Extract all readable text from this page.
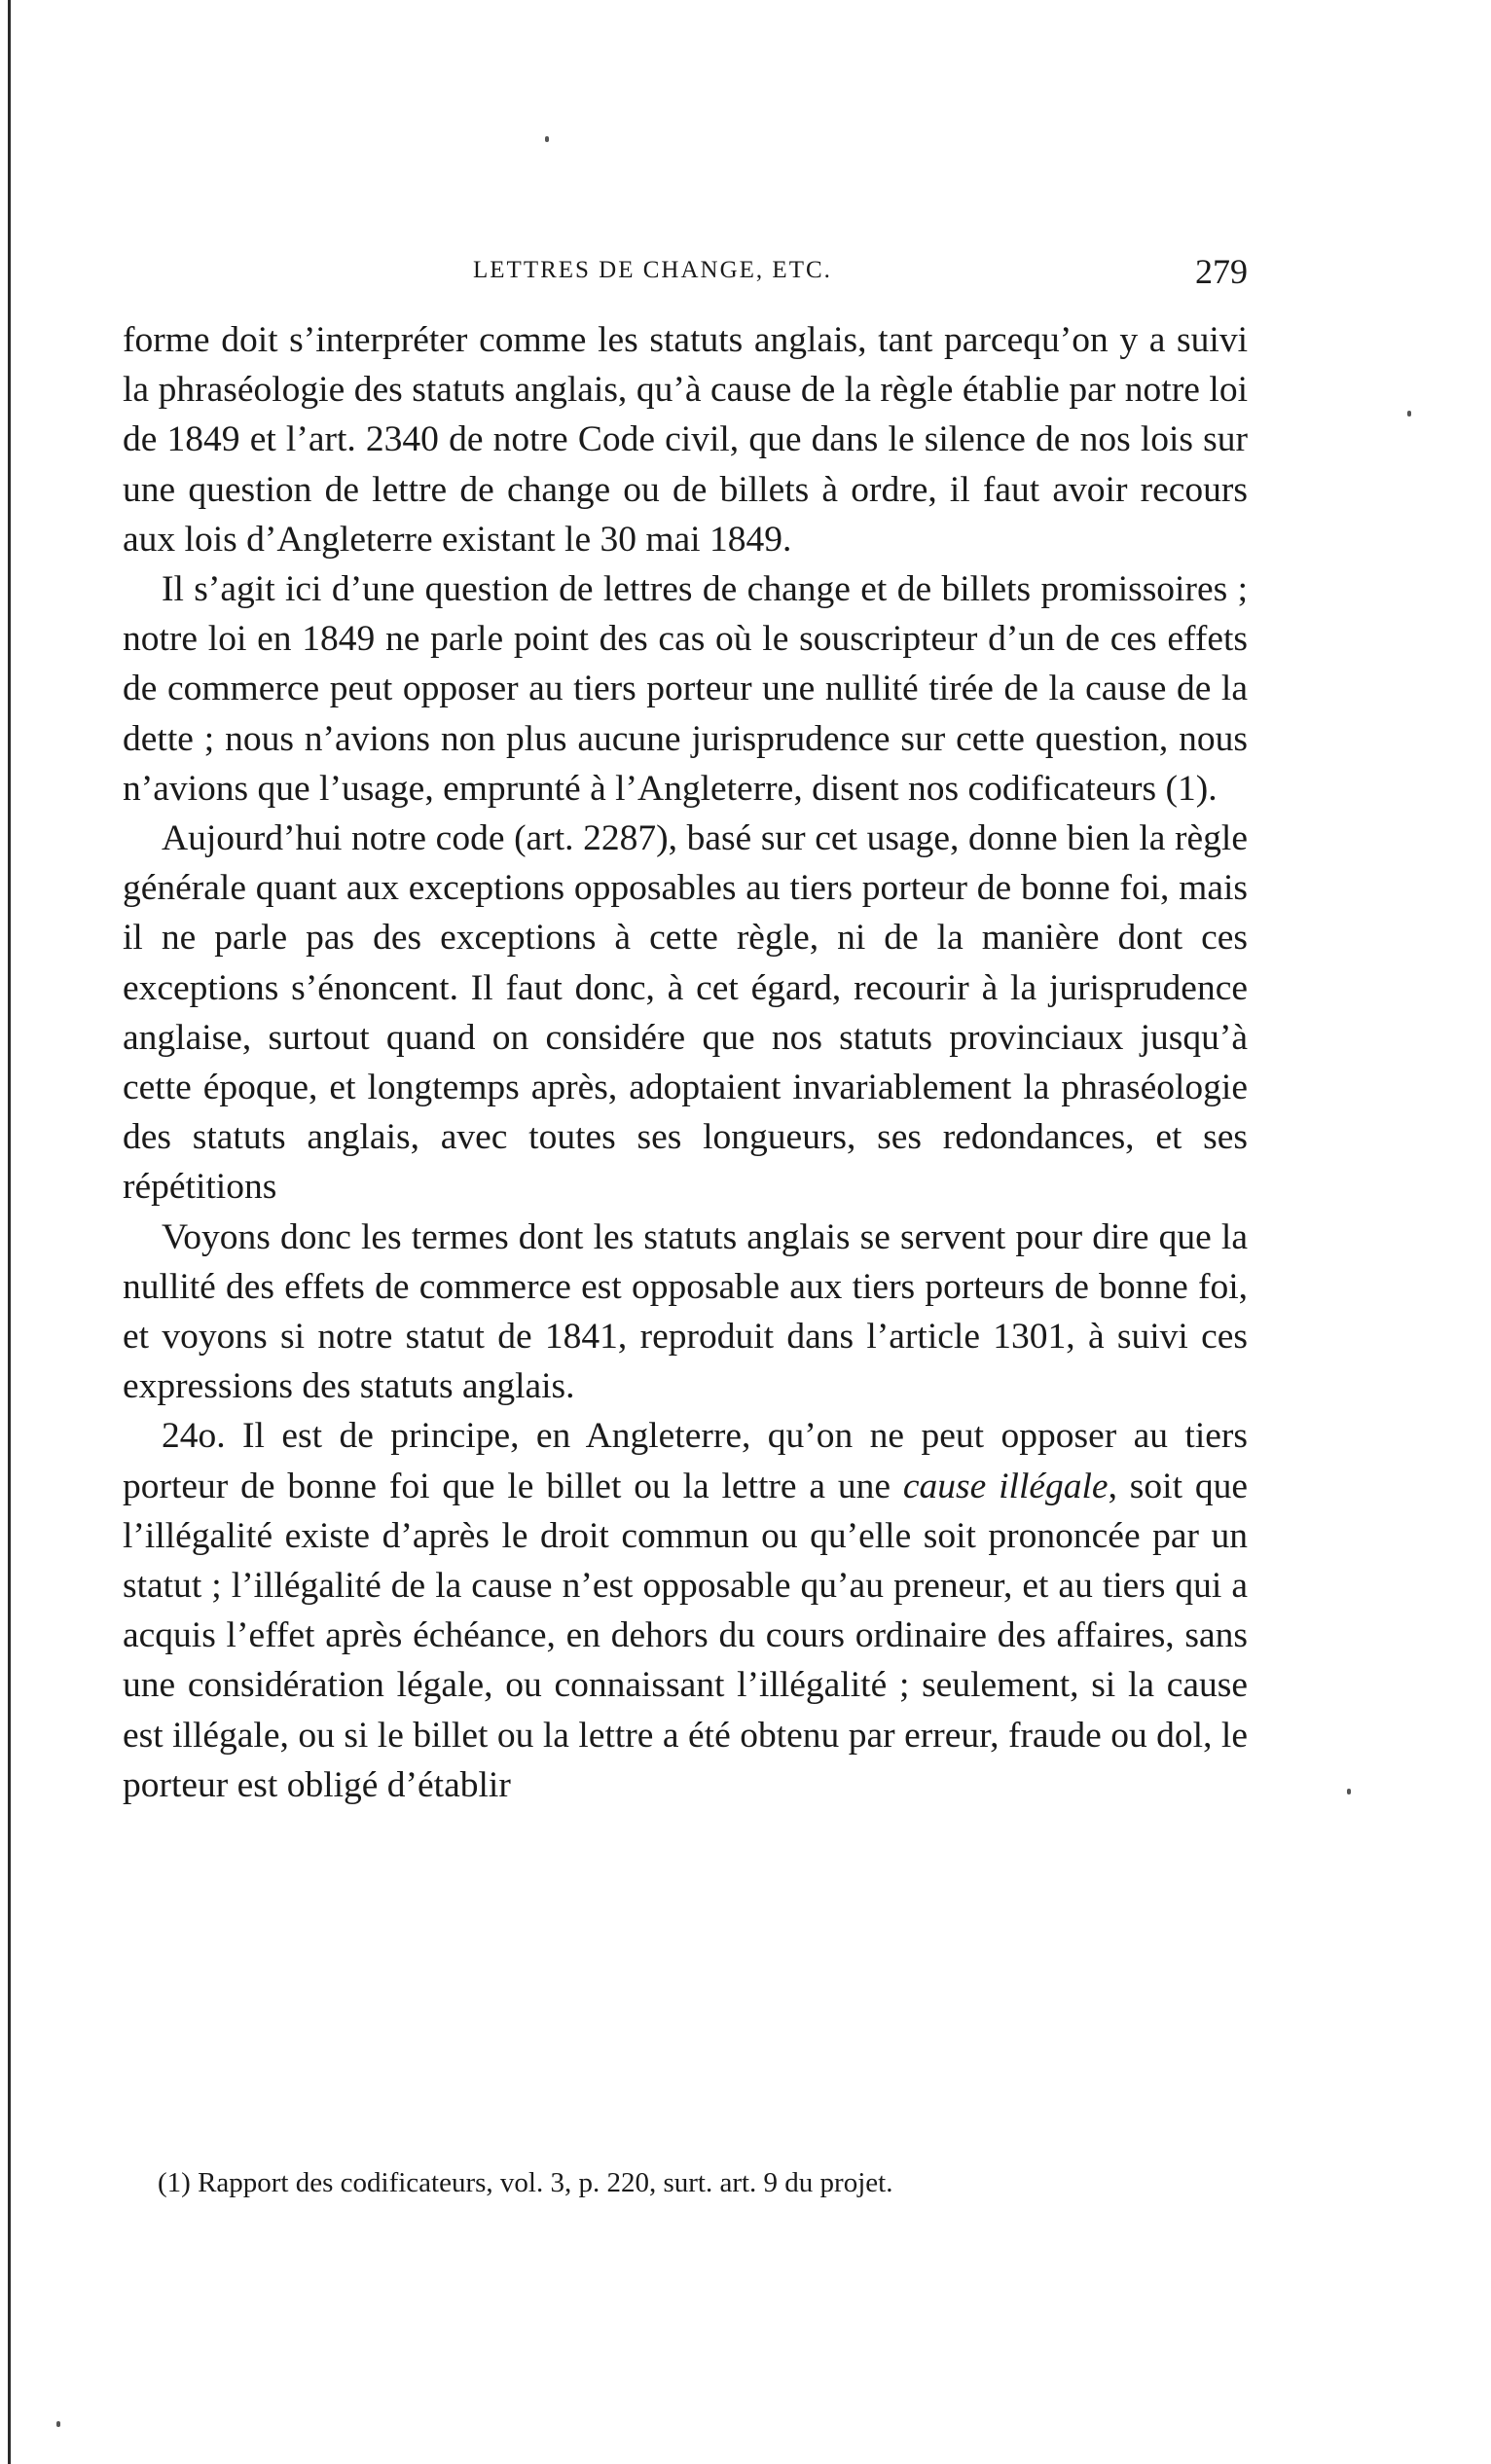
LETTRES DE CHANGE, ETC.	279

forme doit s’interpréter comme les statuts anglais, tant parcequ’on y a suivi la phraséologie des statuts anglais, qu’à cause de la règle établie par notre loi de 1849 et l’art. 2340 de notre Code civil, que dans le silence de nos lois sur une question de lettre de change ou de billets à ordre, il faut avoir recours aux lois d’Angleterre existant le 30 mai 1849.

Il s’agit ici d’une question de lettres de change et de billets promissoires ; notre loi en 1849 ne parle point des cas où le souscripteur d’un de ces effets de commerce peut opposer au tiers porteur une nullité tirée de la cause de la dette ; nous n’avions non plus aucune jurisprudence sur cette question, nous n’avions que l’usage, emprunté à l’Angleterre, disent nos codificateurs (1).

Aujourd’hui notre code (art. 2287), basé sur cet usage, donne bien la règle générale quant aux exceptions opposables au tiers porteur de bonne foi, mais il ne parle pas des exceptions à cette règle, ni de la manière dont ces exceptions s’énoncent. Il faut donc, à cet égard, recourir à la jurisprudence anglaise, surtout quand on considére que nos statuts provinciaux jusqu’à cette époque, et longtemps après, adoptaient invariablement la phraséologie des statuts anglais, avec toutes ses longueurs, ses redondances, et ses répétitions

Voyons donc les termes dont les statuts anglais se servent pour dire que la nullité des effets de commerce est opposable aux tiers porteurs de bonne foi, et voyons si notre statut de 1841, reproduit dans l’article 1301, à suivi ces expressions des statuts anglais.

24o. Il est de principe, en Angleterre, qu’on ne peut opposer au tiers porteur de bonne foi que le billet ou la lettre a une cause illégale, soit que l’illégalité existe d’après le droit commun ou qu’elle soit prononcée par un statut ; l’illégalité de la cause n’est opposable qu’au preneur, et au tiers qui a acquis l’effet après échéance, en dehors du cours ordinaire des affaires, sans une considération légale, ou connaissant l’illégalité ; seulement, si la cause est illégale, ou si le billet ou la lettre a été obtenu par erreur, fraude ou dol, le porteur est obligé d’établir

(1) Rapport des codificateurs, vol. 3, p. 220, surt. art. 9 du projet.
